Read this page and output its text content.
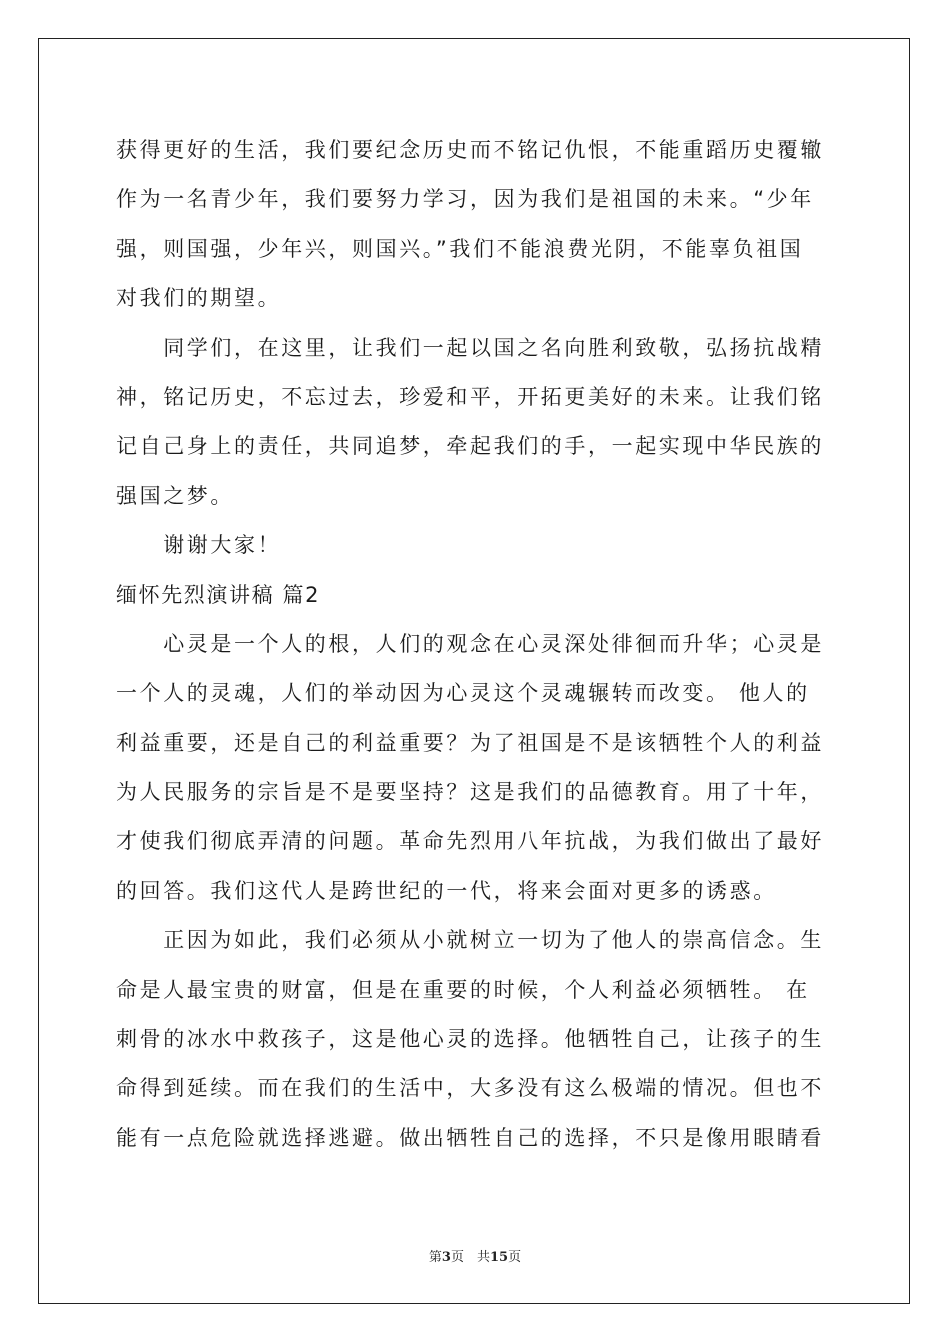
获得更好的生活，我们要纪念历史而不铭记仇恨，不能重蹈历史覆辙
作为一名青少年，我们要努力学习，因为我们是祖国的未来。“少年
强，则国强，少年兴，则国兴。”我们不能浪费光阴，不能辜负祖国
对我们的期望。
　　同学们，在这里，让我们一起以国之名向胜利致敬，弘扬抗战精
神，铭记历史，不忘过去，珍爱和平，开拓更美好的未来。让我们铭
记自己身上的责任，共同追梦，牵起我们的手，一起实现中华民族的
强国之梦。
　　谢谢大家！
缅怀先烈演讲稿 篇2
　　心灵是一个人的根，人们的观念在心灵深处徘徊而升华；心灵是
一个人的灵魂，人们的举动因为心灵这个灵魂辗转而改变。 他人的
利益重要，还是自己的利益重要？为了祖国是不是该牺牲个人的利益
为人民服务的宗旨是不是要坚持？这是我们的品德教育。用了十年，
才使我们彻底弄清的问题。革命先烈用八年抗战，为我们做出了最好
的回答。我们这代人是跨世纪的一代，将来会面对更多的诱惑。
　　正因为如此，我们必须从小就树立一切为了他人的崇高信念。生
命是人最宝贵的财富，但是在重要的时候，个人利益必须牺牲。 在
刺骨的冰水中救孩子，这是他心灵的选择。他牺牲自己，让孩子的生
命得到延续。而在我们的生活中，大多没有这么极端的情况。但也不
能有一点危险就选择逃避。做出牺牲自己的选择，不只是像用眼睛看
第3页　共15页
